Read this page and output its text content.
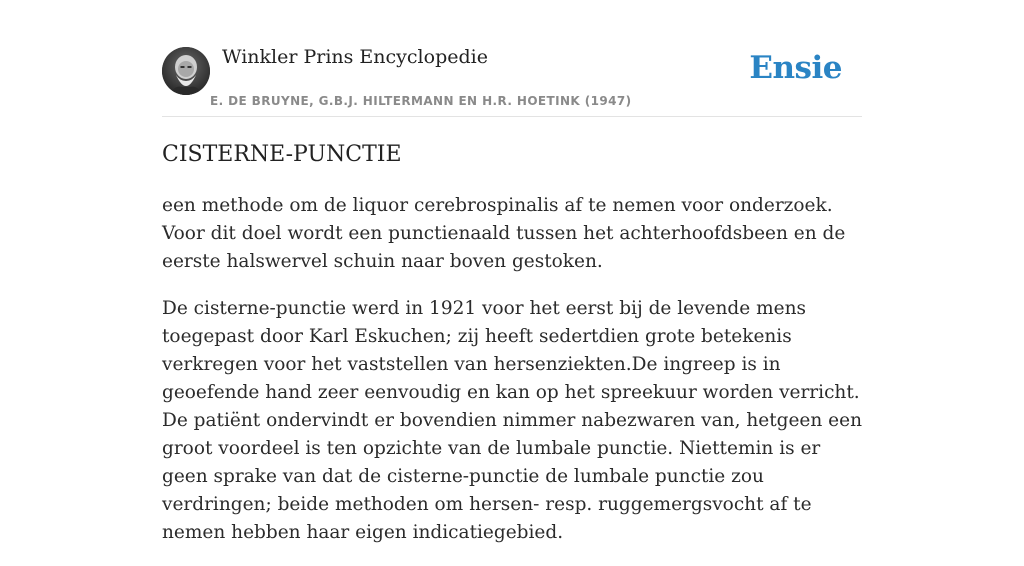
Winkler Prins Encyclopedie
E. DE BRUYNE, G.B.J. HILTERMANN EN H.R. HOETINK (1947)
Ensie
CISTERNE-PUNCTIE

een methode om de liquor cerebrospinalis af te nemen voor onderzoek. Voor dit doel wordt een punctienaald tussen het achterhoofdsbeen en de eerste halswervel schuin naar boven gestoken.

De cisterne-punctie werd in 1921 voor het eerst bij de levende mens toegepast door Karl Eskuchen; zij heeft sedertdien grote betekenis verkregen voor het vaststellen van hersenziekten.De ingreep is in geoefende hand zeer eenvoudig en kan op het spreekuur worden verricht. De patiënt ondervindt er bovendien nimmer nabezwaren van, hetgeen een groot voordeel is ten opzichte van de lumbale punctie. Niettemin is er geen sprake van dat de cisterne-punctie de lumbale punctie zou verdringen; beide methoden om hersen- resp. ruggemergsvocht af te nemen hebben haar eigen indicatiegebied.
